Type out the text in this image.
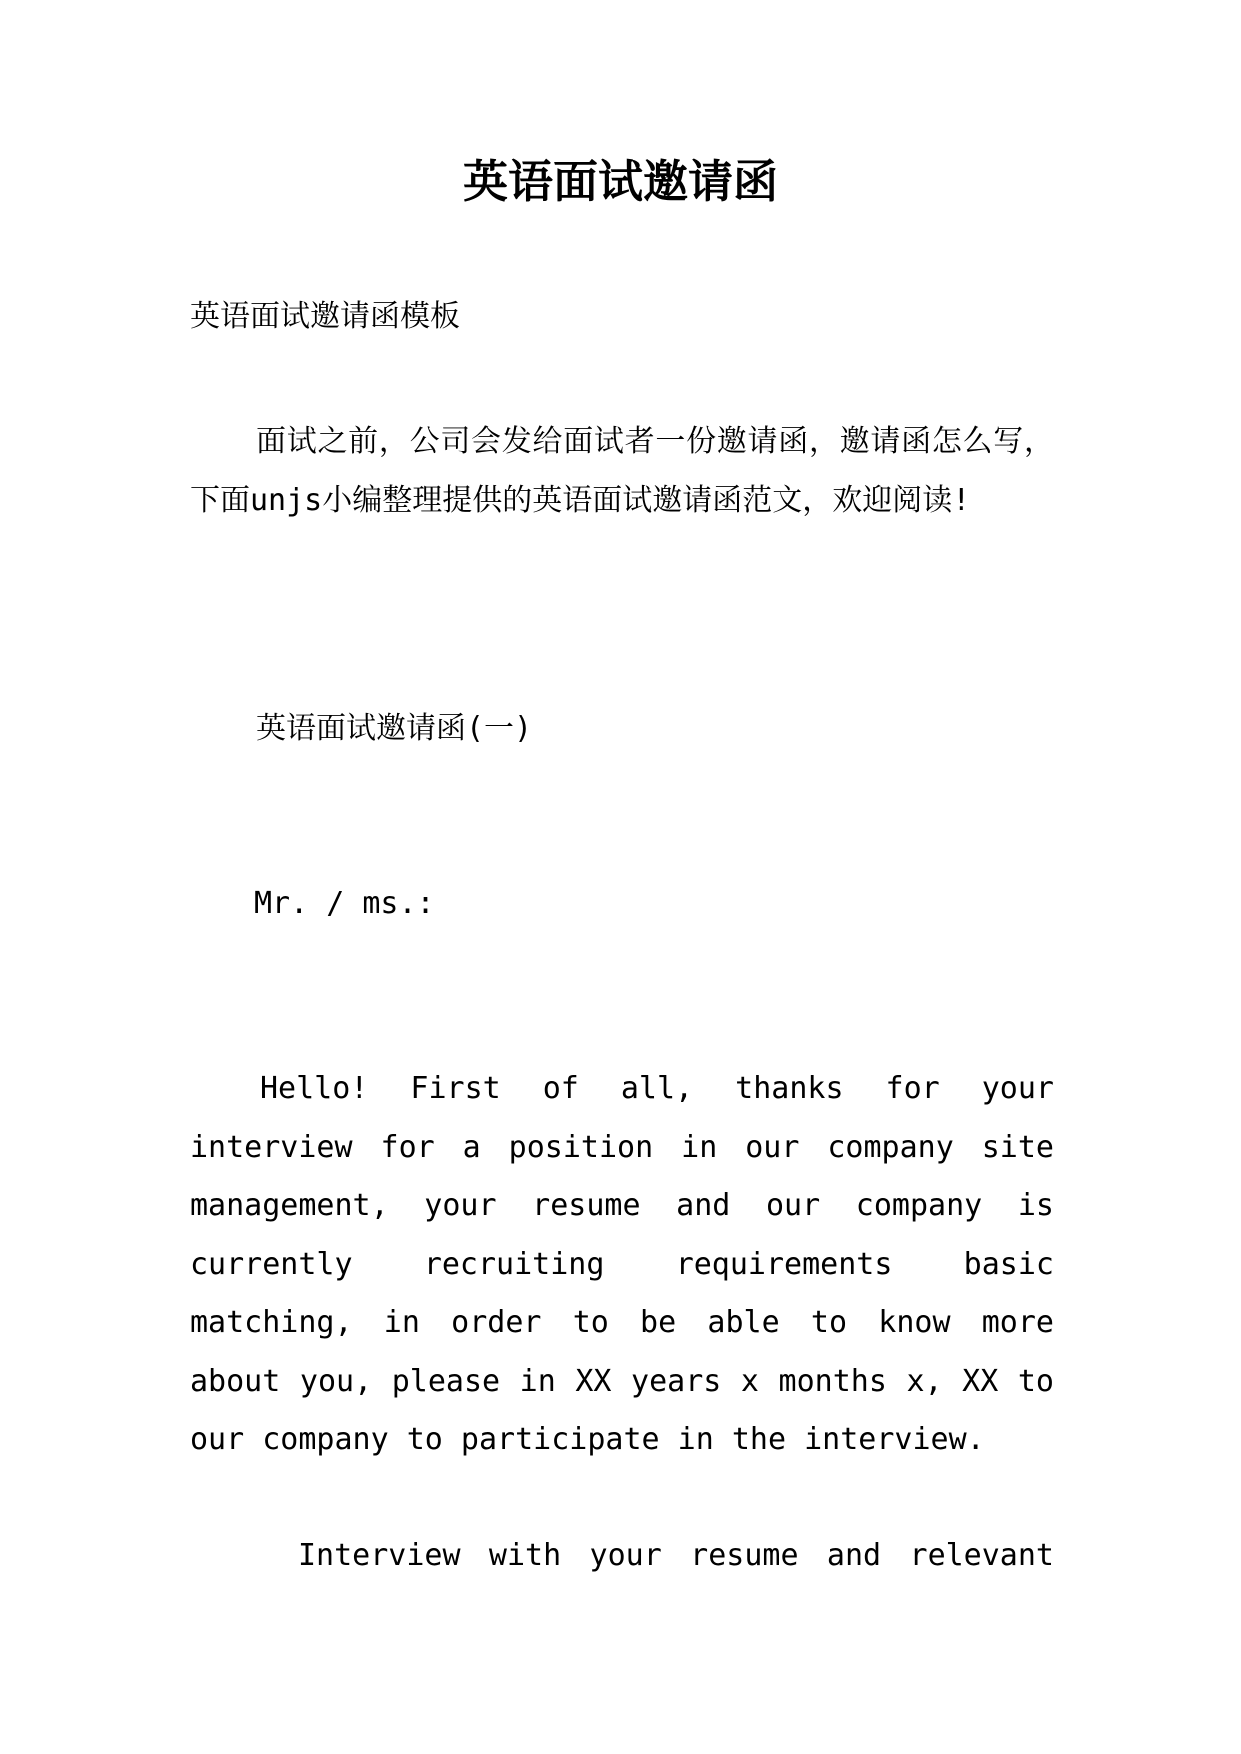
英语面试邀请函
英语面试邀请函模板
面试之前，公司会发给面试者一份邀请函，邀请函怎么写，下面unjs小编整理提供的英语面试邀请函范文，欢迎阅读!
英语面试邀请函(一)
Mr. / ms.:
Hello! First of all, thanks for your interview for a position in our company site management, your resume and our company is currently recruiting requirements basic matching, in order to be able to know more about you, please in XX years x months x, XX to our company to participate in the interview.
Interview with your resume and relevant
